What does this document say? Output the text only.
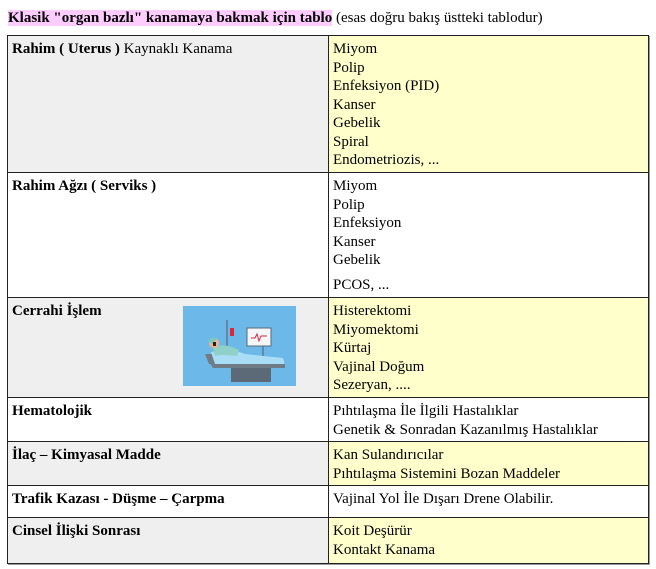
Klasik "organ bazlı" kanamaya bakmak için tablo (esas doğru bakış üstteki tablodur)
Rahim ( Uterus ) Kaynaklı Kanama	Miyom
Polip
Enfeksiyon (PID)
Kanser
Gebelik
Spiral
Endometriozis, ...

Rahim Ağzı ( Serviks )	Miyom
Polip
Enfeksiyon
Kanser
Gebelik
PCOS, ...

Cerrahi İşlem	Histerektomi
Miyomektomi
Kürtaj
Vajinal Doğum
Sezeryan, ....

Hematolojik	Pıhtılaşma İle İlgili Hastalıklar
Genetik & Sonradan Kazanılmış Hastalıklar

İlaç – Kimyasal Madde	Kan Sulandırıcılar
Pıhtılaşma Sistemini Bozan Maddeler

Trafik Kazası - Düşme – Çarpma	Vajinal Yol İle Dışarı Drene Olabilir.

Cinsel İlişki Sonrası	Koit Deşürür
Kontakt Kanama
